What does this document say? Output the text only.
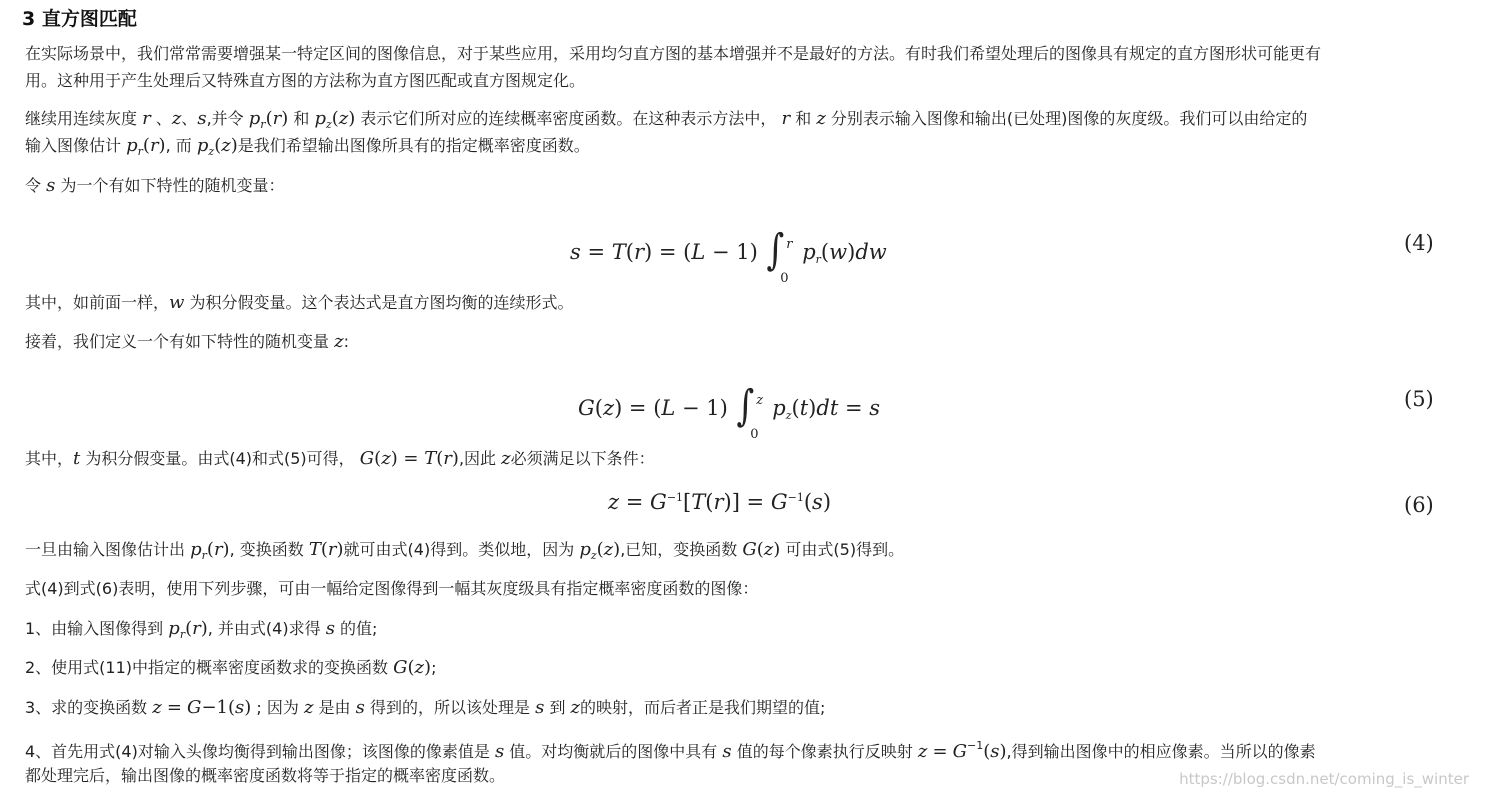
3 直方图匹配
在实际场景中，我们常常需要增强某一特定区间的图像信息，对于某些应用，采用均匀直方图的基本增强并不是最好的方法。有时我们希望处理后的图像具有规定的直方图形状可能更有
用。这种用于产生处理后又特殊直方图的方法称为直方图匹配或直方图规定化。
继续用连续灰度 r 、z、s,并令 $p_r(r)$ 和 $p_z(z)$ 表示它们所对应的连续概率密度函数。在这种表示方法中， r 和 z 分别表示输入图像和输出(已处理)图像的灰度级。我们可以由给定的
输入图像估计 $p_r(r)$, 而 $p_z(z)$是我们希望输出图像所具有的指定概率密度函数。
令 s 为一个有如下特性的随机变量：
s = T(r) = (L − 1) ∫ r
0
$p_r(w)dw$	(4)
其中，如前面一样，w 为积分假变量。这个表达式是直方图均衡的连续形式。
接着，我们定义一个有如下特性的随机变量 z:
G(z) = (L − 1) ∫ z
0
$p_z(t)dt = s$	(5)
其中，t 为积分假变量。由式(4)和式(5)可得， G(z) = T(r),因此 z必须满足以下条件：
$z = G^{-1}[T(r)] = G^{-1}(s)$	(6)
一旦由输入图像估计出 $p_r(r)$, 变换函数 T(r)就可由式(4)得到。类似地，因为 $p_z(z)$,已知，变换函数 G(z) 可由式(5)得到。
式(4)到式(6)表明，使用下列步骤，可由一幅给定图像得到一幅其灰度级具有指定概率密度函数的图像：
1、由输入图像得到 $p_r(r)$, 并由式(4)求得 s 的值;
2、使用式(11)中指定的概率密度函数求的变换函数 G(z);
3、求的变换函数 z = G−1(s) ; 因为 z 是由 s 得到的，所以该处理是 s 到 z的映射，而后者正是我们期望的值;
4、首先用式(4)对输入头像均衡得到输出图像；该图像的像素值是 s 值。对均衡就后的图像中具有 s 值的每个像素执行反映射 $z = G^{-1}(s)$,得到输出图像中的相应像素。当所以的像素
都处理完后，输出图像的概率密度函数将等于指定的概率密度函数。	https://blog.csdn.net/coming_is_winter
